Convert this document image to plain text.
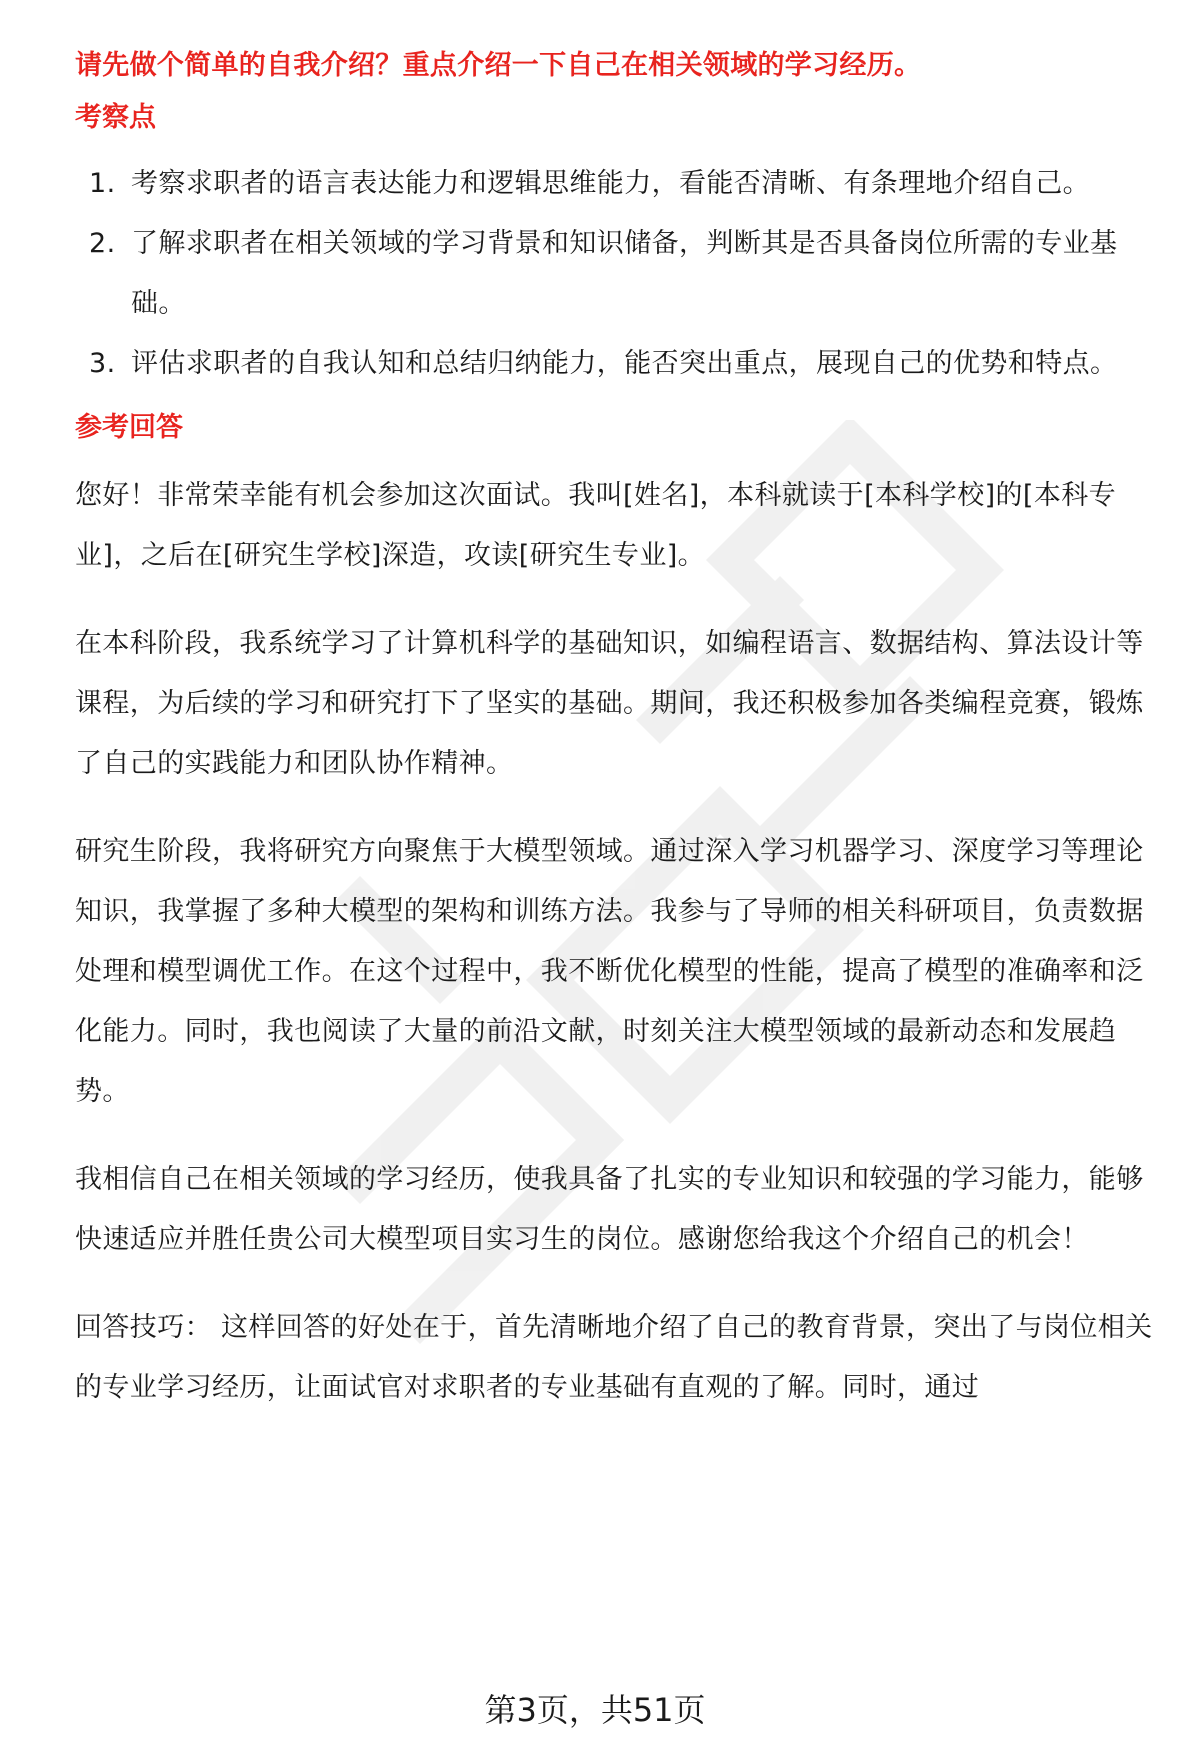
请先做个简单的自我介绍？重点介绍一下自己在相关领域的学习经历。

考察点
1. 考察求职者的语言表达能力和逻辑思维能力，看能否清晰、有条理地介绍自己。
2. 了解求职者在相关领域的学习背景和知识储备，判断其是否具备岗位所需的专业基础。
3. 评估求职者的自我认知和总结归纳能力，能否突出重点，展现自己的优势和特点。
参考回答

您好！非常荣幸能有机会参加这次面试。我叫[姓名]，本科就读于[本科学校]的[本科专业]，之后在[研究生学校]深造，攻读[研究生专业]。

在本科阶段，我系统学习了计算机科学的基础知识，如编程语言、数据结构、算法设计等课程，为后续的学习和研究打下了坚实的基础。期间，我还积极参加各类编程竞赛，锻炼了自己的实践能力和团队协作精神。

研究生阶段，我将研究方向聚焦于大模型领域。通过深入学习机器学习、深度学习等理论知识，我掌握了多种大模型的架构和训练方法。我参与了导师的相关科研项目，负责数据处理和模型调优工作。在这个过程中，我不断优化模型的性能，提高了模型的准确率和泛化能力。同时，我也阅读了大量的前沿文献，时刻关注大模型领域的最新动态和发展趋势。

我相信自己在相关领域的学习经历，使我具备了扎实的专业知识和较强的学习能力，能够快速适应并胜任贵公司大模型项目实习生的岗位。感谢您给我这个介绍自己的机会！

回答技巧： 这样回答的好处在于，首先清晰地介绍了自己的教育背景，突出了与岗位相关的专业学习经历，让面试官对求职者的专业基础有直观的了解。同时，通过

第3页，共51页
